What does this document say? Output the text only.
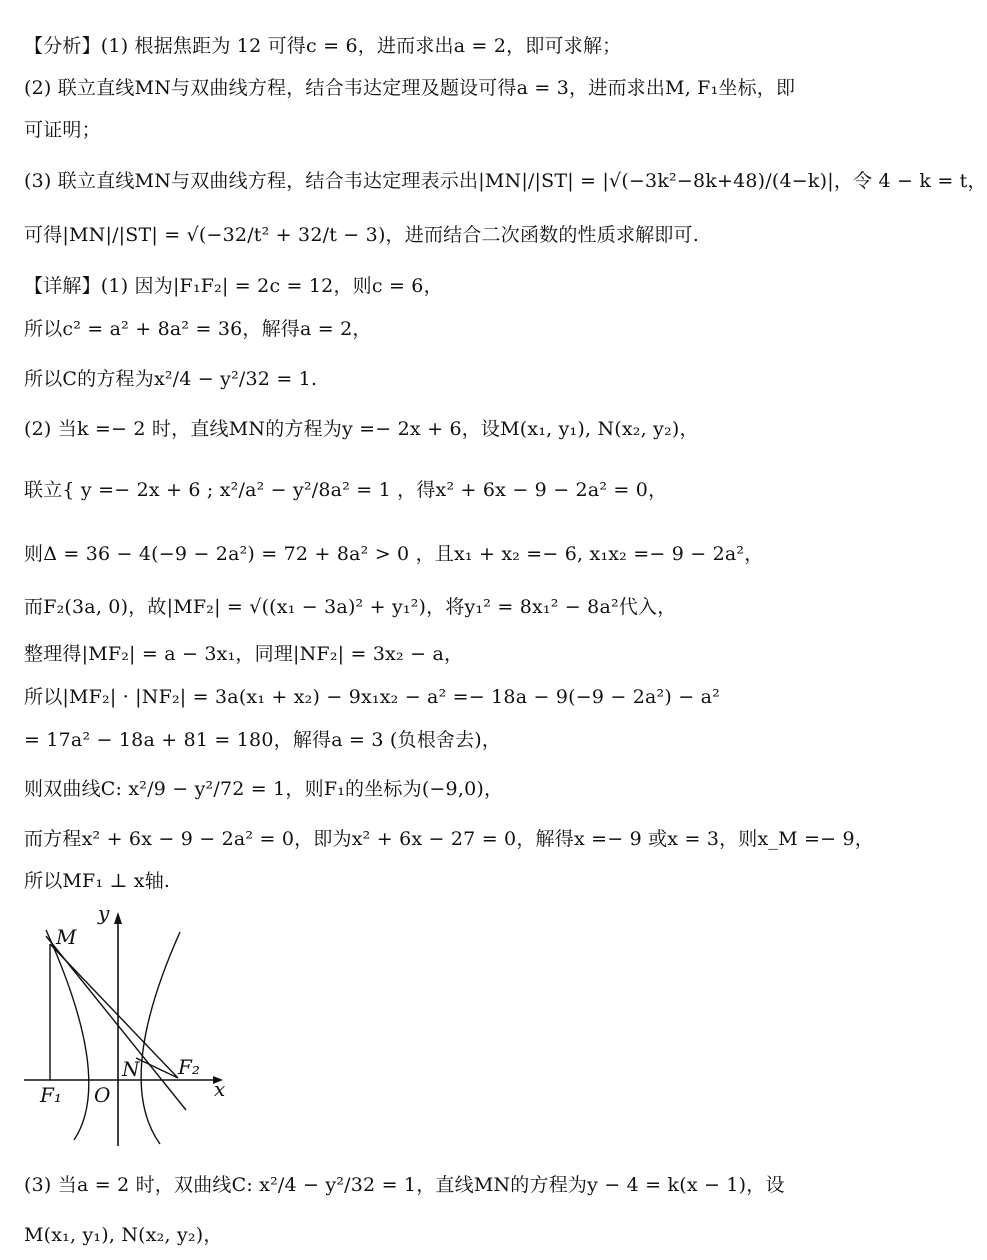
【分析】(1) 根据焦距为 12 可得c = 6，进而求出a = 2，即可求解；
(2) 联立直线MN与双曲线方程，结合韦达定理及题设可得a = 3，进而求出M, F₁坐标，即
可证明；
(3) 联立直线MN与双曲线方程，结合韦达定理表示出|MN|/|ST| = |√(−3k²−8k+48)/(4−k)|，令 4 − k = t，
可得|MN|/|ST| = √(−32/t² + 32/t − 3)，进而结合二次函数的性质求解即可.
【详解】(1) 因为|F₁F₂| = 2c = 12，则c = 6，
所以c² = a² + 8a² = 36，解得a = 2，
所以C的方程为x²/4 − y²/32 = 1.
(2) 当k =− 2 时，直线MN的方程为y =− 2x + 6，设M(x₁, y₁), N(x₂, y₂)，
联立{ y =− 2x + 6 ; x²/a² − y²/8a² = 1 ，得x² + 6x − 9 − 2a² = 0，
则Δ = 36 − 4(−9 − 2a²) = 72 + 8a² > 0 ，且x₁ + x₂ =− 6, x₁x₂ =− 9 − 2a²，
而F₂(3a, 0)，故|MF₂| = √((x₁ − 3a)² + y₁²)，将y₁² = 8x₁² − 8a²代入，
整理得|MF₂| = a − 3x₁，同理|NF₂| = 3x₂ − a，
所以|MF₂| · |NF₂| = 3a(x₁ + x₂) − 9x₁x₂ − a² =− 18a − 9(−9 − 2a²) − a²
= 17a² − 18a + 81 = 180，解得a = 3 (负根舍去)，
则双曲线C: x²/9 − y²/72 = 1，则F₁的坐标为(−9,0)，
而方程x² + 6x − 9 − 2a² = 0，即为x² + 6x − 27 = 0，解得x =− 9 或x = 3，则x_M =− 9，
所以MF₁ ⊥ x轴.
(3) 当a = 2 时，双曲线C: x²/4 − y²/32 = 1，直线MN的方程为y − 4 = k(x − 1)，设
M(x₁, y₁), N(x₂, y₂)，
y
x
M
N F₂
F₁ O
